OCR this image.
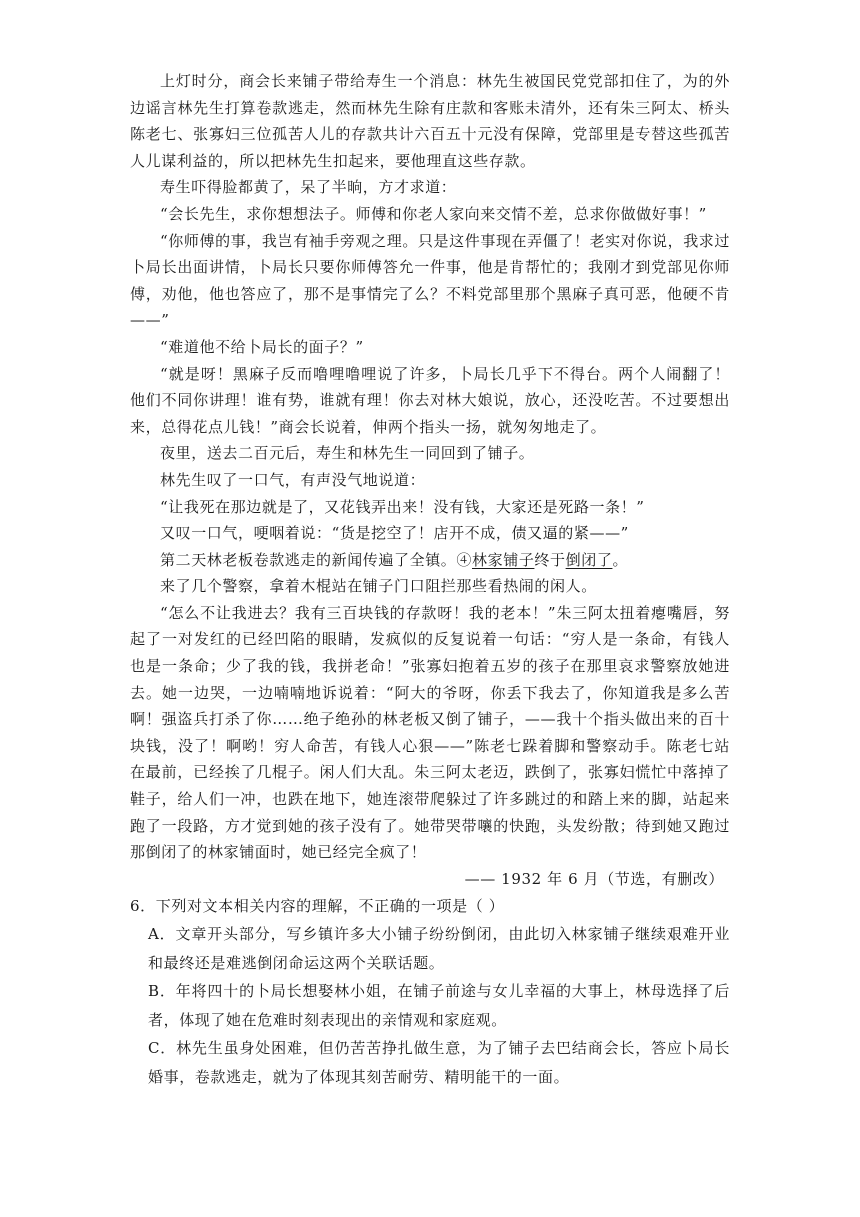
上灯时分，商会长来铺子带给寿生一个消息：林先生被国民党党部扣住了，为的外边谣言林先生打算卷款逃走，然而林先生除有庄款和客账未清外，还有朱三阿太、桥头陈老七、张寡妇三位孤苦人儿的存款共计六百五十元没有保障，党部里是专替这些孤苦人儿谋利益的，所以把林先生扣起来，要他理直这些存款。

寿生吓得脸都黄了，呆了半晌，方才求道：

“会长先生，求你想想法子。师傅和你老人家向来交情不差，总求你做做好事！”

“你师傅的事，我岂有袖手旁观之理。只是这件事现在弄僵了！老实对你说，我求过卜局长出面讲情，卜局长只要你师傅答允一件事，他是肯帮忙的；我刚才到党部见你师傅，劝他，他也答应了，那不是事情完了么？不料党部里那个黑麻子真可恶，他硬不肯——”

“难道他不给卜局长的面子？”

“就是呀！黑麻子反而噜哩噜哩说了许多，卜局长几乎下不得台。两个人闹翻了！ 他们不同你讲理！谁有势，谁就有理！你去对林大娘说，放心，还没吃苦。不过要想出来，总得花点儿钱！”商会长说着，伸两个指头一扬，就匆匆地走了。

夜里，送去二百元后，寿生和林先生一同回到了铺子。

林先生叹了一口气，有声没气地说道：

“让我死在那边就是了，又花钱弄出来！没有钱，大家还是死路一条！”

又叹一口气，哽咽着说：“货是挖空了！店开不成，债又逼的紧——”

第二天林老板卷款逃走的新闻传遍了全镇。④林家铺子终于倒闭了。

来了几个警察，拿着木棍站在铺子门口阻拦那些看热闹的闲人。

“怎么不让我进去？我有三百块钱的存款呀！我的老本！”朱三阿太扭着瘪嘴唇，努起了一对发红的已经凹陷的眼睛，发疯似的反复说着一句话：“穷人是一条命，有钱人也是一条命；少了我的钱，我拼老命！”张寡妇抱着五岁的孩子在那里哀求警察放她进去。她一边哭，一边喃喃地诉说着：“阿大的爷呀，你丢下我去了，你知道我是多么苦啊！强盗兵打杀了你……绝子绝孙的林老板又倒了铺子，——我十个指头做出来的百十块钱，没了！啊哟！穷人命苦，有钱人心狠——”陈老七跺着脚和警察动手。陈老七站在最前，已经挨了几棍子。闲人们大乱。朱三阿太老迈，跌倒了，张寡妇慌忙中落掉了鞋子，给人们一冲，也跌在地下，她连滚带爬躲过了许多跳过的和踏上来的脚，站起来跑了一段路，方才觉到她的孩子没有了。她带哭带嚷的快跑，头发纷散；待到她又跑过那倒闭了的林家铺面时，她已经完全疯了！

—— 1932 年 6 月（节选，有删改）

6．下列对文本相关内容的理解，不正确的一项是（ ）

A．文章开头部分，写乡镇许多大小铺子纷纷倒闭，由此切入林家铺子继续艰难开业和最终还是难逃倒闭命运这两个关联话题。

B．年将四十的卜局长想娶林小姐，在铺子前途与女儿幸福的大事上，林母选择了后者，体现了她在危难时刻表现出的亲情观和家庭观。

C．林先生虽身处困难，但仍苦苦挣扎做生意，为了铺子去巴结商会长，答应卜局长婚事，卷款逃走，就为了体现其刻苦耐劳、精明能干的一面。
